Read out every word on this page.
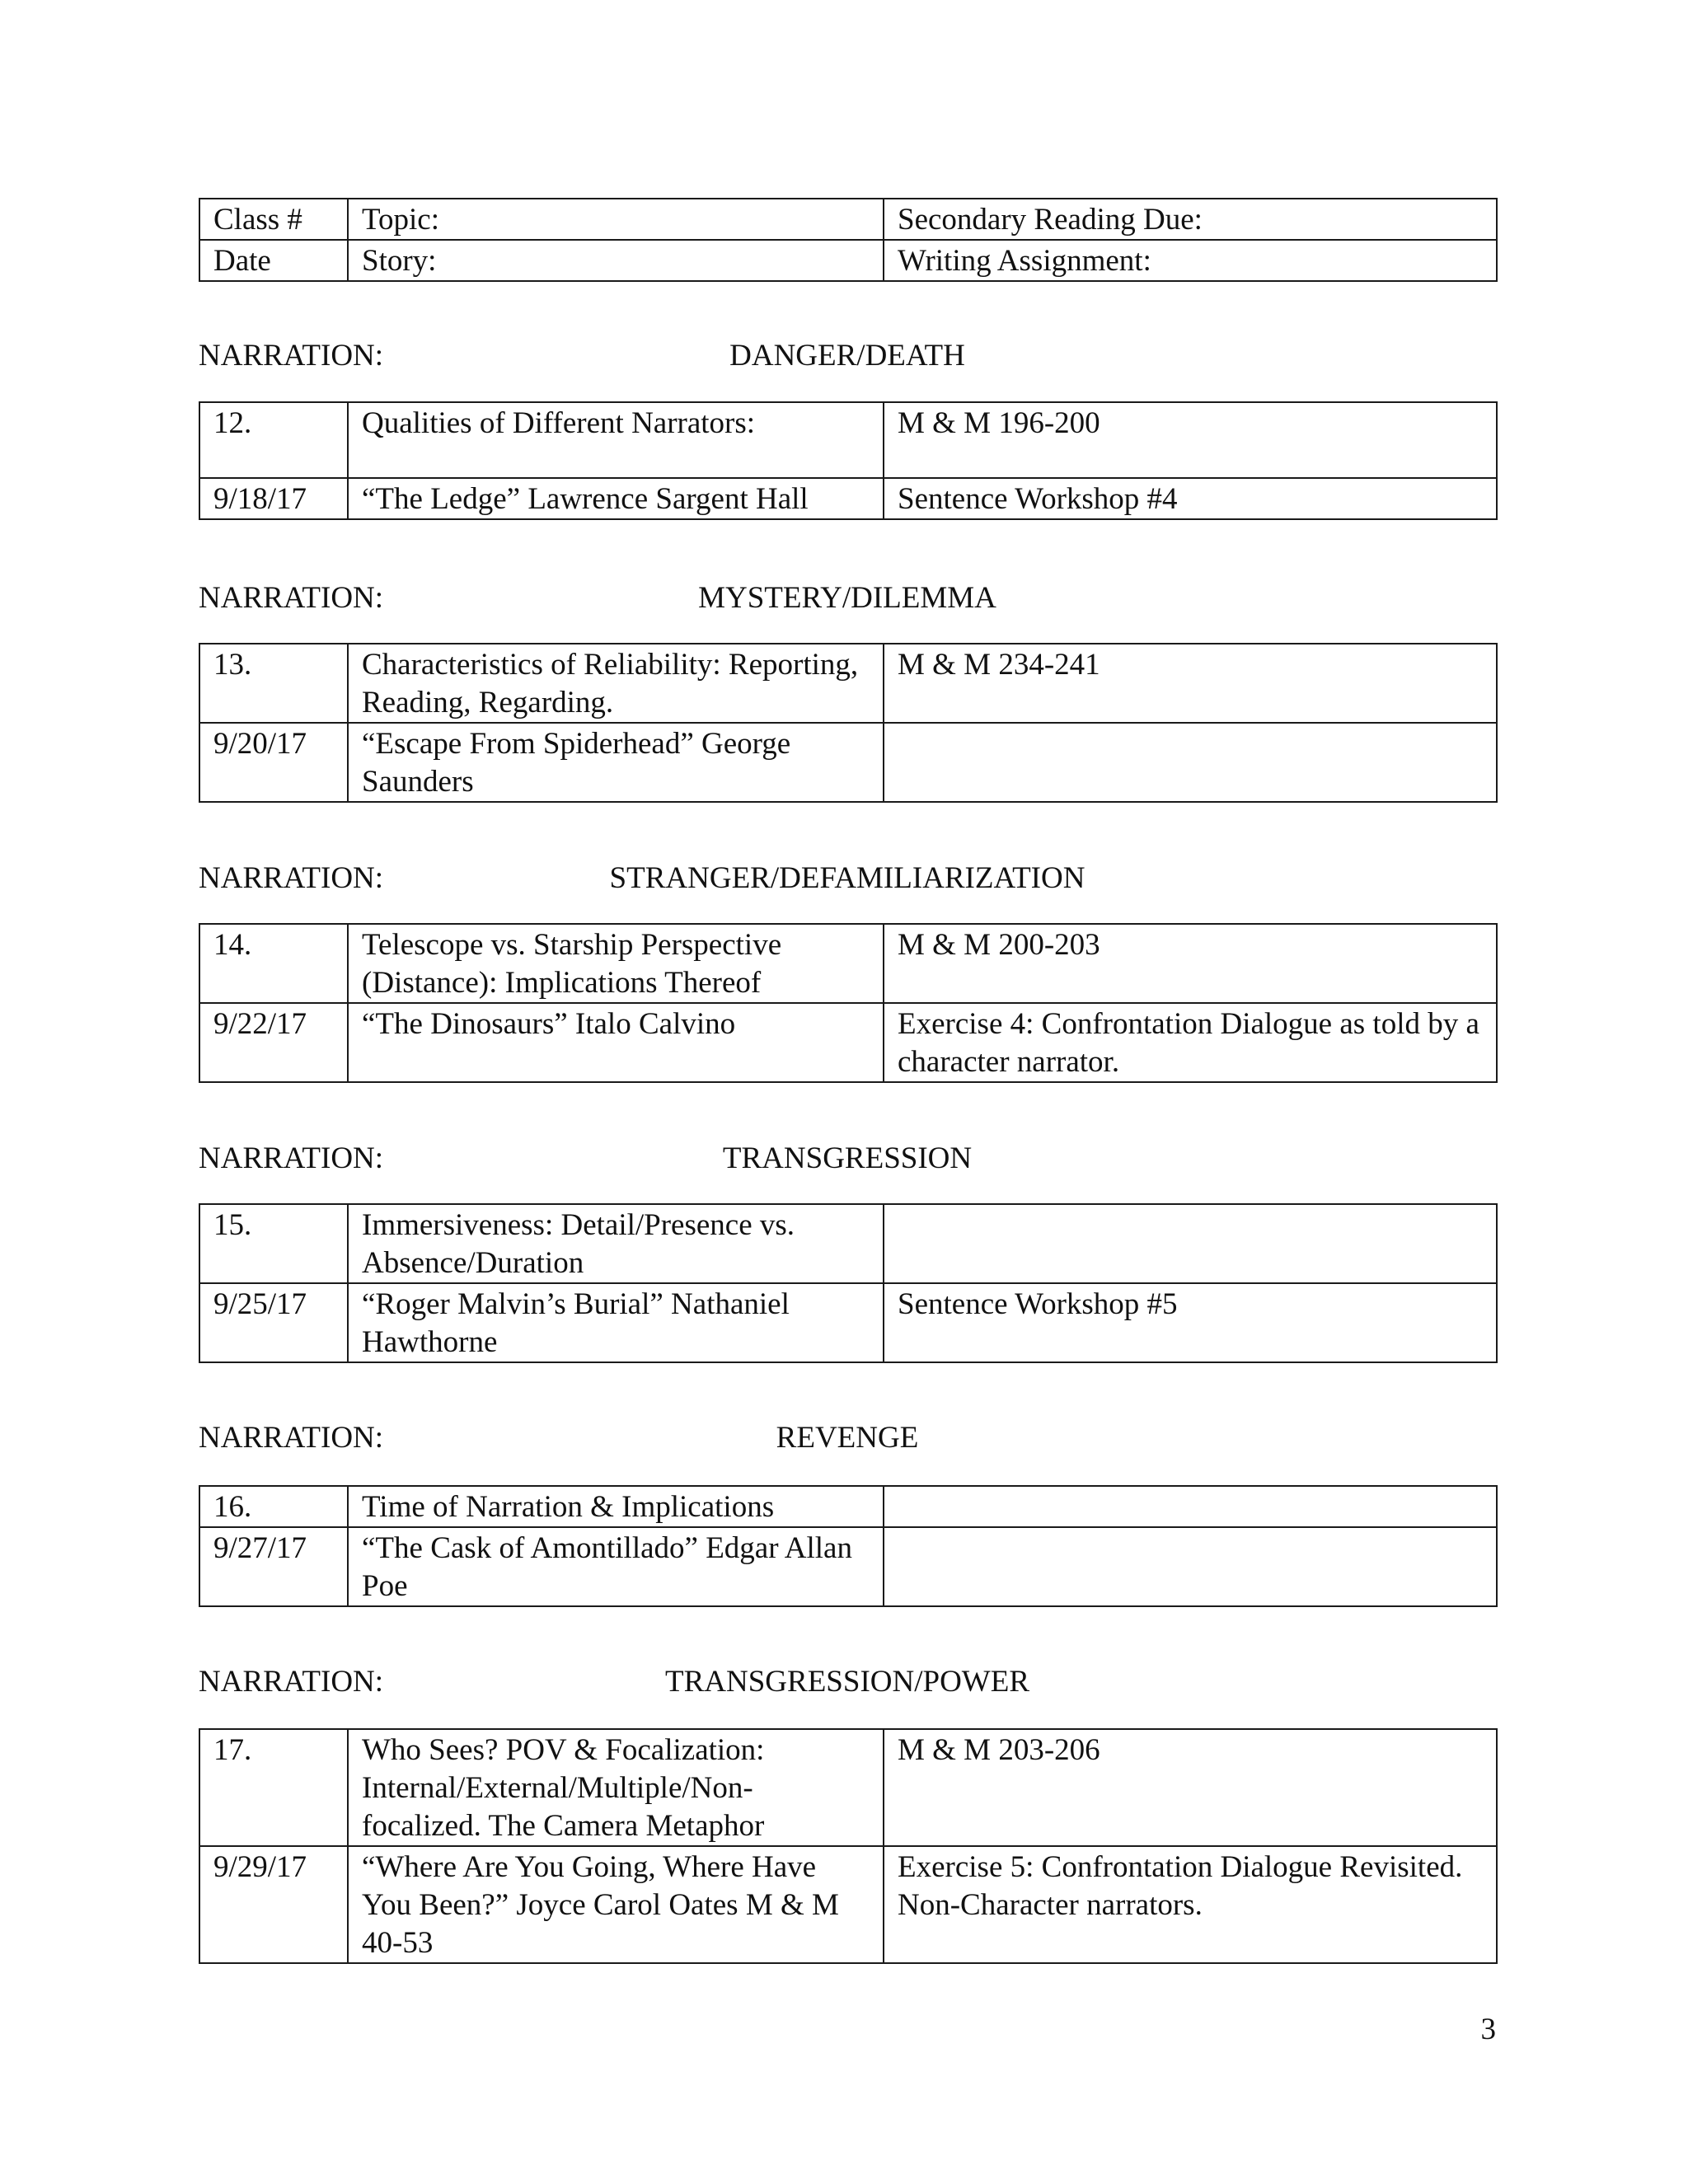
Class #	Topic:	Secondary Reading Due:
Date	Story:	Writing Assignment:
NARRATION:	DANGER/DEATH
12.	Qualities of Different Narrators:	M & M 196-200
9/18/17	“The Ledge” Lawrence Sargent Hall	Sentence Workshop #4
NARRATION:	MYSTERY/DILEMMA
13.	Characteristics of Reliability: Reporting, Reading, Regarding.	M & M 234-241
9/20/17	“Escape From Spiderhead” George Saunders	
NARRATION:	STRANGER/DEFAMILIARIZATION
14.	Telescope vs. Starship Perspective (Distance): Implications Thereof	M & M 200-203
9/22/17	“The Dinosaurs” Italo Calvino	Exercise 4: Confrontation Dialogue as told by a character narrator.
NARRATION:	TRANSGRESSION
15.	Immersiveness: Detail/Presence vs. Absence/Duration	
9/25/17	“Roger Malvin’s Burial” Nathaniel Hawthorne	Sentence Workshop #5
NARRATION:	REVENGE
16.	Time of Narration & Implications	
9/27/17	“The Cask of Amontillado” Edgar Allan Poe	
NARRATION:	TRANSGRESSION/POWER
17.	Who Sees? POV & Focalization: Internal/External/Multiple/Non-focalized. The Camera Metaphor	M & M 203-206
9/29/17	“Where Are You Going, Where Have You Been?” Joyce Carol Oates M & M 40-53	Exercise 5: Confrontation Dialogue Revisited. Non-Character narrators.
3
